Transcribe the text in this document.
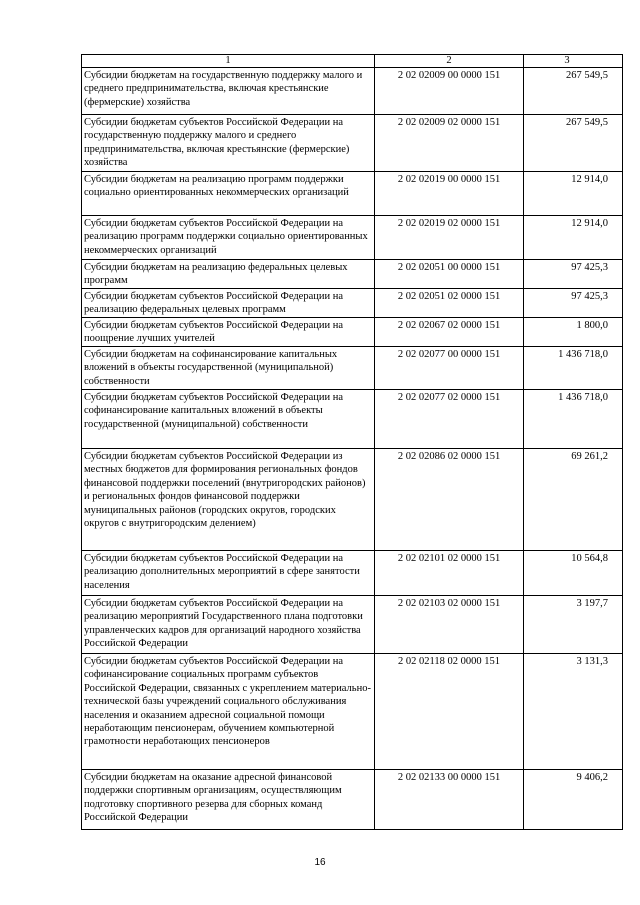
1	2	3
Субсидии бюджетам на государственную поддержку малого и среднего предпринимательства, включая крестьянские (фермерские) хозяйства	2 02 02009 00 0000 151	267 549,5
Субсидии бюджетам субъектов Российской Федерации на государственную поддержку малого и среднего предпринимательства, включая крестьянские (фермерские) хозяйства	2 02 02009 02 0000 151	267 549,5
Субсидии бюджетам на реализацию программ поддержки социально ориентированных некоммерческих организаций	2 02 02019 00 0000 151	12 914,0
Субсидии бюджетам субъектов Российской Федерации на реализацию программ поддержки социально ориентированных некоммерческих организаций	2 02 02019 02 0000 151	12 914,0
Субсидии бюджетам на реализацию федеральных целевых программ	2 02 02051 00 0000 151	97 425,3
Субсидии бюджетам субъектов Российской Федерации на реализацию федеральных целевых программ	2 02 02051 02 0000 151	97 425,3
Субсидии бюджетам субъектов Российской Федерации на поощрение лучших учителей	2 02 02067 02 0000 151	1 800,0
Субсидии бюджетам на софинансирование капитальных вложений в объекты государственной (муниципальной) собственности	2 02 02077 00 0000 151	1 436 718,0
Субсидии бюджетам субъектов Российской Федерации на софинансирование капитальных вложений в объекты государственной (муниципальной) собственности	2 02 02077 02 0000 151	1 436 718,0
Субсидии бюджетам субъектов Российской Федерации из местных бюджетов для формирования региональных фондов финансовой поддержки поселений (внутригородских районов) и региональных фондов финансовой поддержки муниципальных районов (городских округов, городских округов с внутригородским делением)	2 02 02086 02 0000 151	69 261,2
Субсидии бюджетам субъектов Российской Федерации на реализацию дополнительных мероприятий в сфере занятости населения	2 02 02101 02 0000 151	10 564,8
Субсидии бюджетам субъектов Российской Федерации на реализацию мероприятий Государственного плана подготовки управленческих кадров для организаций народного хозяйства Российской Федерации	2 02 02103 02 0000 151	3 197,7
Субсидии бюджетам субъектов Российской Федерации на софинансирование социальных программ субъектов Российской Федерации, связанных с укреплением материально-технической базы учреждений социального обслуживания населения и оказанием адресной социальной помощи неработающим пенсионерам, обучением компьютерной грамотности неработающих пенсионеров	2 02 02118 02 0000 151	3 131,3
Субсидии бюджетам на оказание адресной финансовой поддержки спортивным организациям, осуществляющим подготовку спортивного резерва для сборных команд Российской Федерации	2 02 02133 00 0000 151	9 406,2
16
